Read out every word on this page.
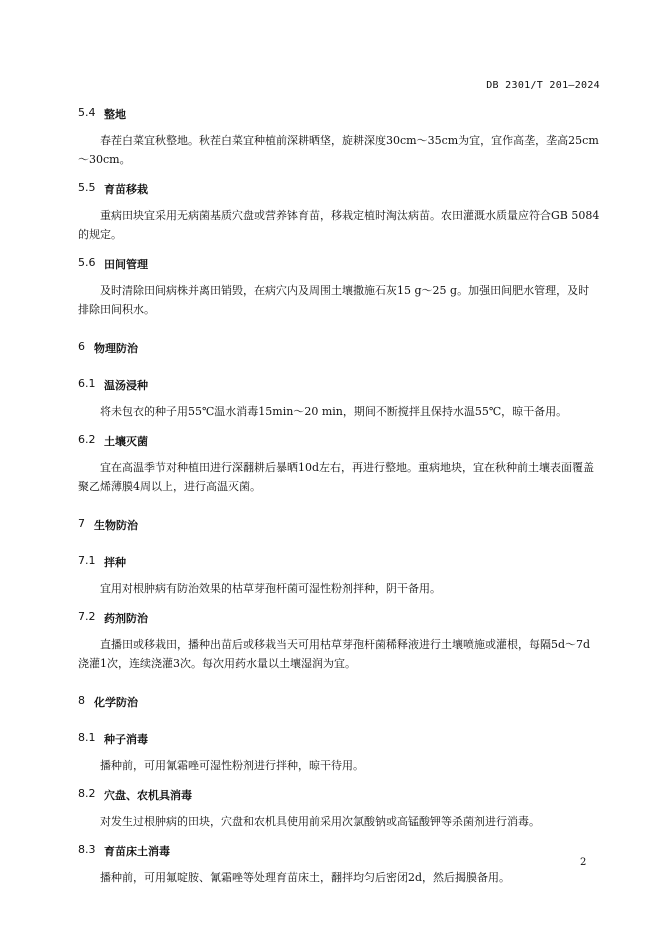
DB 2301/T 201—2024
5.4 整地

春茬白菜宜秋整地。秋茬白菜宜种植前深耕晒垡，旋耕深度30cm～35cm为宜，宜作高垄，垄高25cm～30cm。

5.5 育苗移栽

重病田块宜采用无病菌基质穴盘或营养钵育苗，移栽定植时淘汰病苗。农田灌溉水质量应符合GB 5084的规定。

5.6 田间管理

及时清除田间病株并离田销毁，在病穴内及周围土壤撒施石灰15 g～25 g。加强田间肥水管理，及时排除田间积水。

6 物理防治
6.1 温汤浸种

将未包衣的种子用55℃温水消毒15min～20 min，期间不断搅拌且保持水温55℃，晾干备用。

6.2 土壤灭菌

宜在高温季节对种植田进行深翻耕后暴晒10d左右，再进行整地。重病地块，宜在秋种前土壤表面覆盖聚乙烯薄膜4周以上，进行高温灭菌。

7 生物防治
7.1 拌种

宜用对根肿病有防治效果的枯草芽孢杆菌可湿性粉剂拌种，阴干备用。

7.2 药剂防治

直播田或移栽田，播种出苗后或移栽当天可用枯草芽孢杆菌稀释液进行土壤喷施或灌根，每隔5d～7d浇灌1次，连续浇灌3次。每次用药水量以土壤湿润为宜。

8 化学防治
8.1 种子消毒

播种前，可用氰霜唑可湿性粉剂进行拌种，晾干待用。

8.2 穴盘、农机具消毒

对发生过根肿病的田块，穴盘和农机具使用前采用次氯酸钠或高锰酸钾等杀菌剂进行消毒。

8.3 育苗床土消毒

播种前，可用氟啶胺、氰霜唑等处理育苗床土，翻拌均匀后密闭2d，然后揭膜备用。

2
